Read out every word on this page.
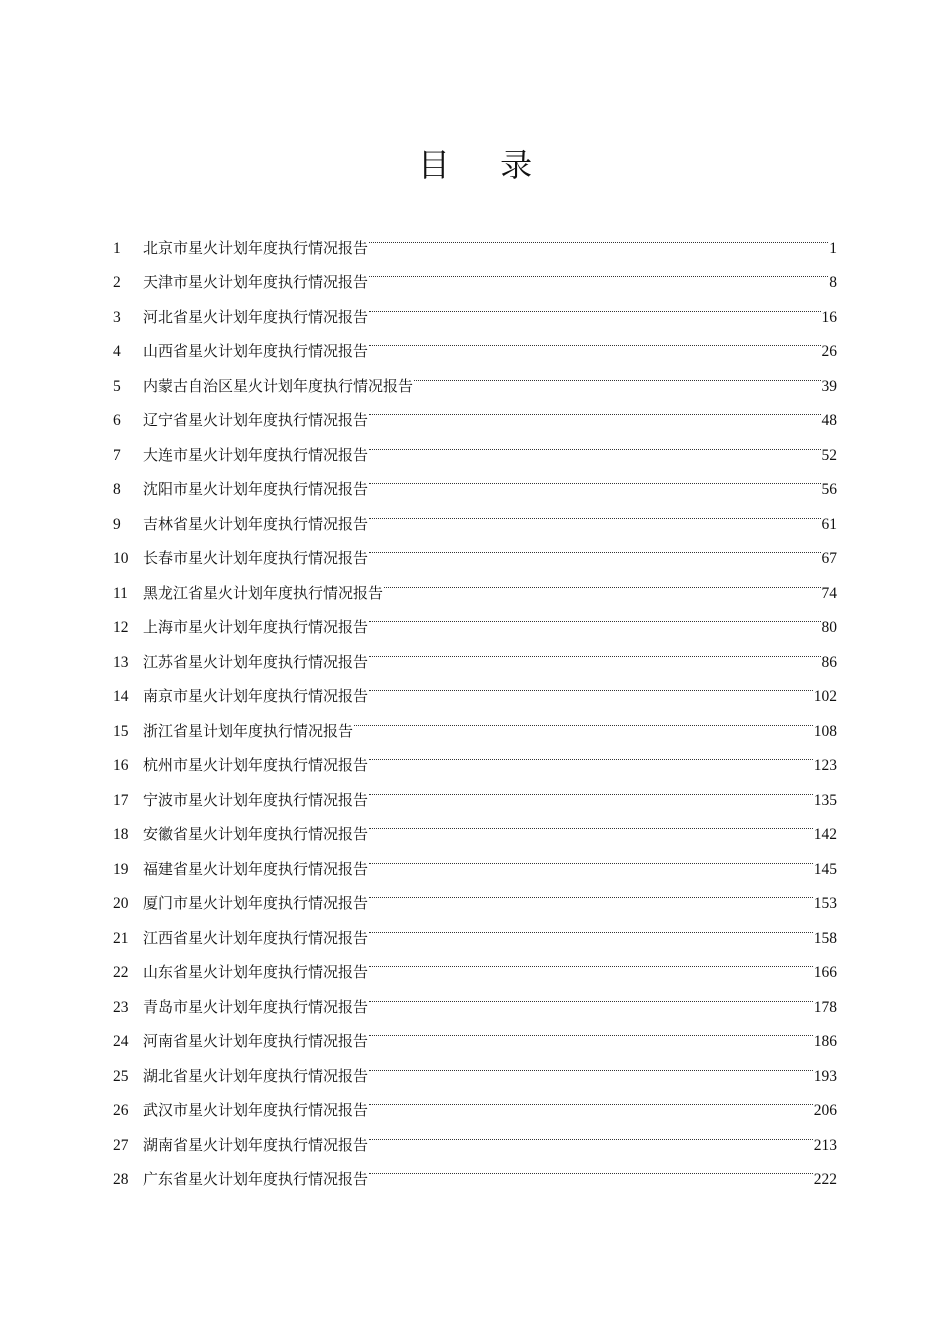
目 录
1	北京市星火计划年度执行情况报告	1
2	天津市星火计划年度执行情况报告	8
3	河北省星火计划年度执行情况报告	16
4	山西省星火计划年度执行情况报告	26
5	内蒙古自治区星火计划年度执行情况报告	39
6	辽宁省星火计划年度执行情况报告	48
7	大连市星火计划年度执行情况报告	52
8	沈阳市星火计划年度执行情况报告	56
9	吉林省星火计划年度执行情况报告	61
10 长春市星火计划年度执行情况报告	67
11	黑龙江省星火计划年度执行情况报告	74
12 上海市星火计划年度执行情况报告	80
13 江苏省星火计划年度执行情况报告	86
14 南京市星火计划年度执行情况报告	102
15 浙江省星计划年度执行情况报告	108
16 杭州市星火计划年度执行情况报告	123
17 宁波市星火计划年度执行情况报告	135
18 安徽省星火计划年度执行情况报告	142
19 福建省星火计划年度执行情况报告	145
20 厦门市星火计划年度执行情况报告	153
21 江西省星火计划年度执行情况报告	158
22 山东省星火计划年度执行情况报告	166
23 青岛市星火计划年度执行情况报告	178
24 河南省星火计划年度执行情况报告	186
25 湖北省星火计划年度执行情况报告	193
26 武汉市星火计划年度执行情况报告	206
27 湖南省星火计划年度执行情况报告	213
28 广东省星火计划年度执行情况报告	222
